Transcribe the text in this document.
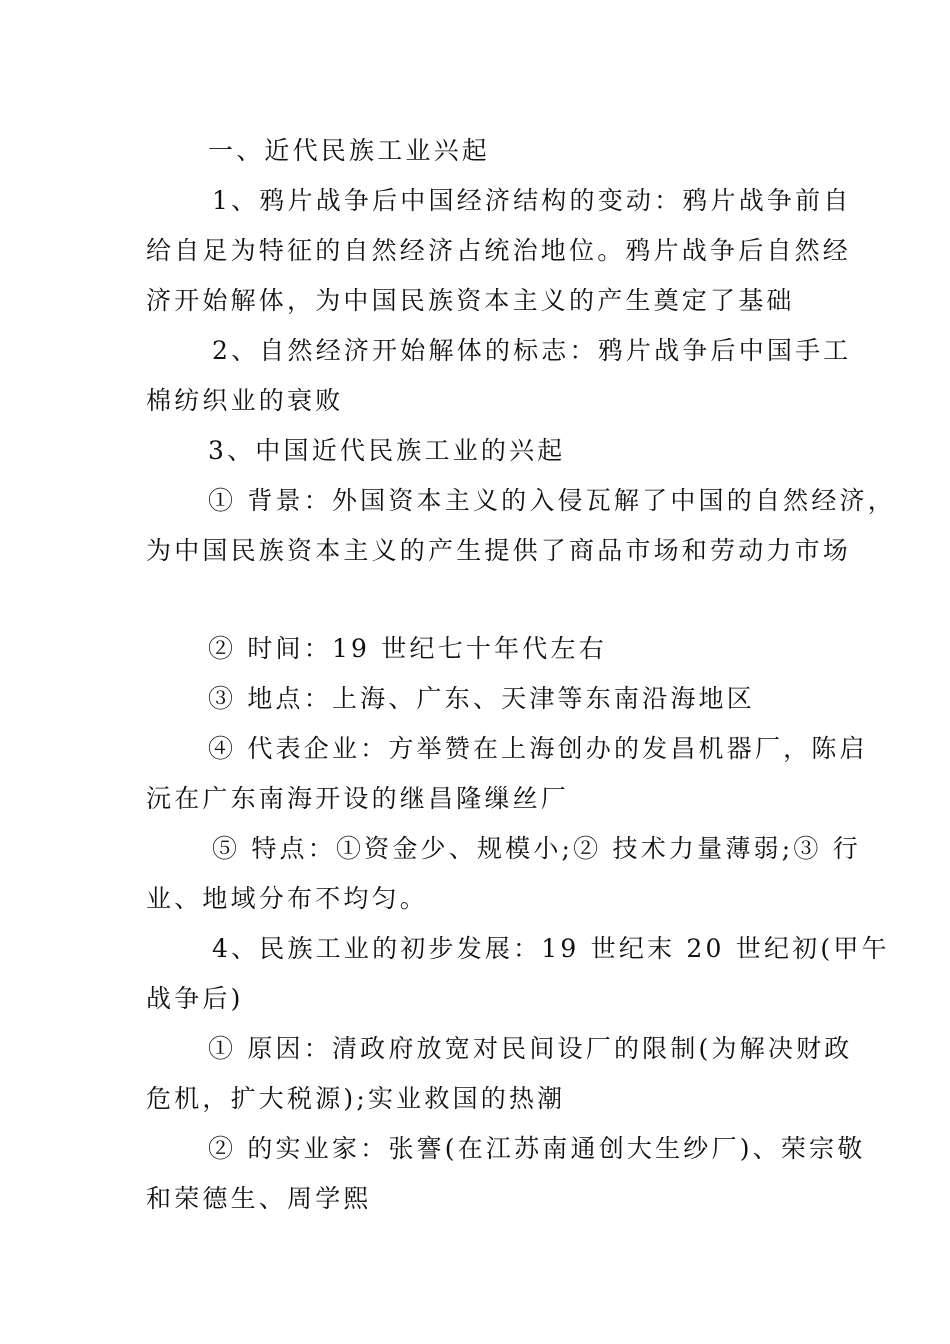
一、近代民族工业兴起
1、鸦片战争后中国经济结构的变动：鸦片战争前自
给自足为特征的自然经济占统治地位。鸦片战争后自然经
济开始解体，为中国民族资本主义的产生奠定了基础
2、自然经济开始解体的标志：鸦片战争后中国手工
棉纺织业的衰败
3、中国近代民族工业的兴起
① 背景：外国资本主义的入侵瓦解了中国的自然经济，
为中国民族资本主义的产生提供了商品市场和劳动力市场
② 时间：19 世纪七十年代左右
③ 地点：上海、广东、天津等东南沿海地区
④ 代表企业：方举赞在上海创办的发昌机器厂，陈启
沅在广东南海开设的继昌隆缫丝厂
⑤ 特点：①资金少、规模小;② 技术力量薄弱;③ 行
业、地域分布不均匀。
4、民族工业的初步发展：19 世纪末 20 世纪初(甲午
战争后)
① 原因：清政府放宽对民间设厂的限制(为解决财政
危机，扩大税源);实业救国的热潮
② 的实业家：张謇(在江苏南通创大生纱厂)、荣宗敬
和荣德生、周学熙
